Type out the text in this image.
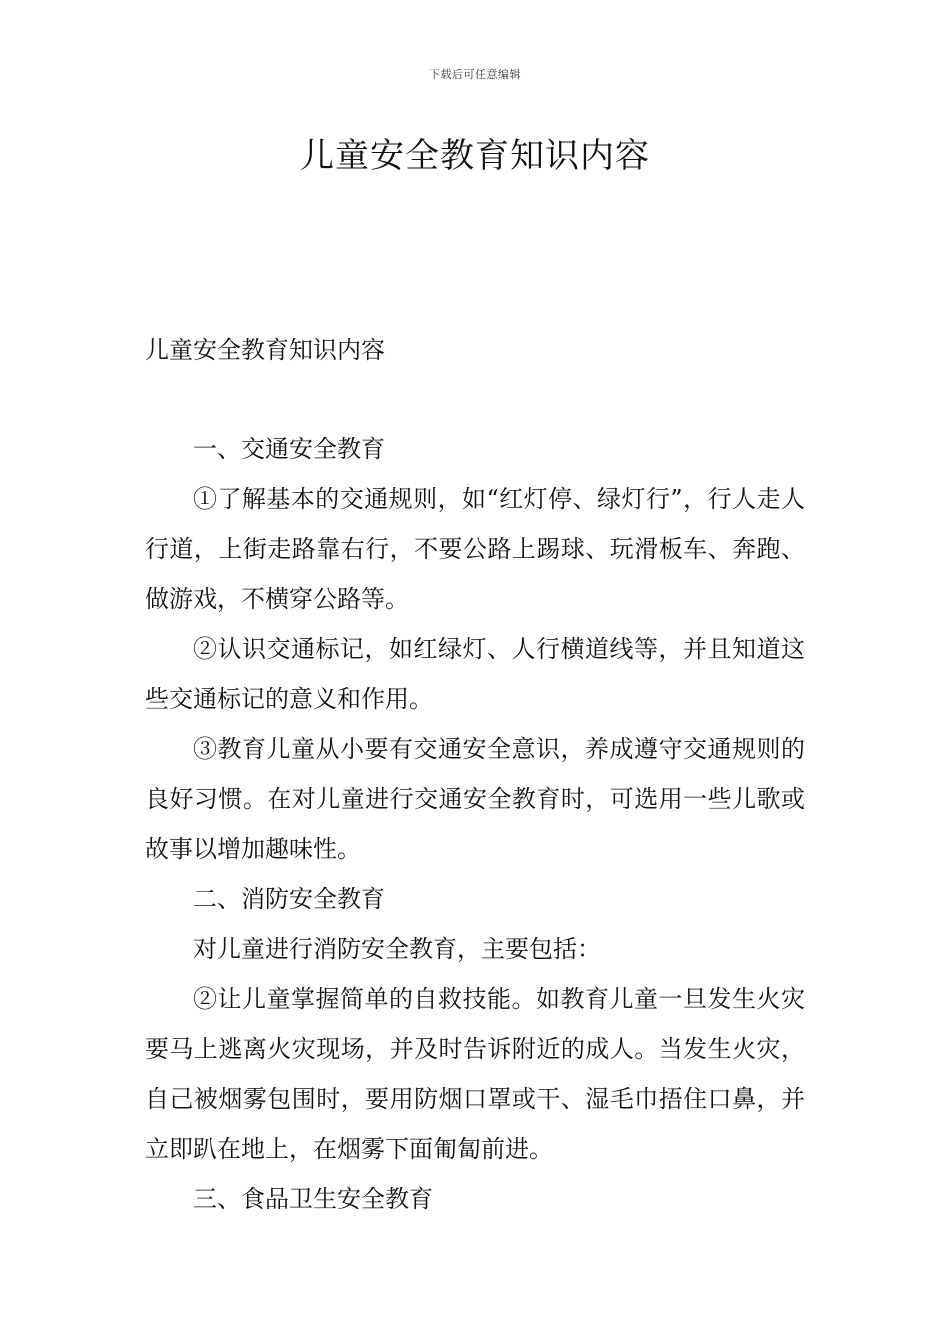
下载后可任意编辑
儿童安全教育知识内容

儿童安全教育知识内容

一、交通安全教育

①了解基本的交通规则，如“红灯停、绿灯行”，行人走人行道，上街走路靠右行，不要公路上踢球、玩滑板车、奔跑、做游戏，不横穿公路等。

②认识交通标记，如红绿灯、人行横道线等，并且知道这些交通标记的意义和作用。

③教育儿童从小要有交通安全意识，养成遵守交通规则的良好习惯。在对儿童进行交通安全教育时，可选用一些儿歌或故事以增加趣味性。

二、消防安全教育

对儿童进行消防安全教育，主要包括：

②让儿童掌握简单的自救技能。如教育儿童一旦发生火灾要马上逃离火灾现场，并及时告诉附近的成人。当发生火灾，自己被烟雾包围时，要用防烟口罩或干、湿毛巾捂住口鼻，并立即趴在地上，在烟雾下面匍匐前进。

三、食品卫生安全教育
